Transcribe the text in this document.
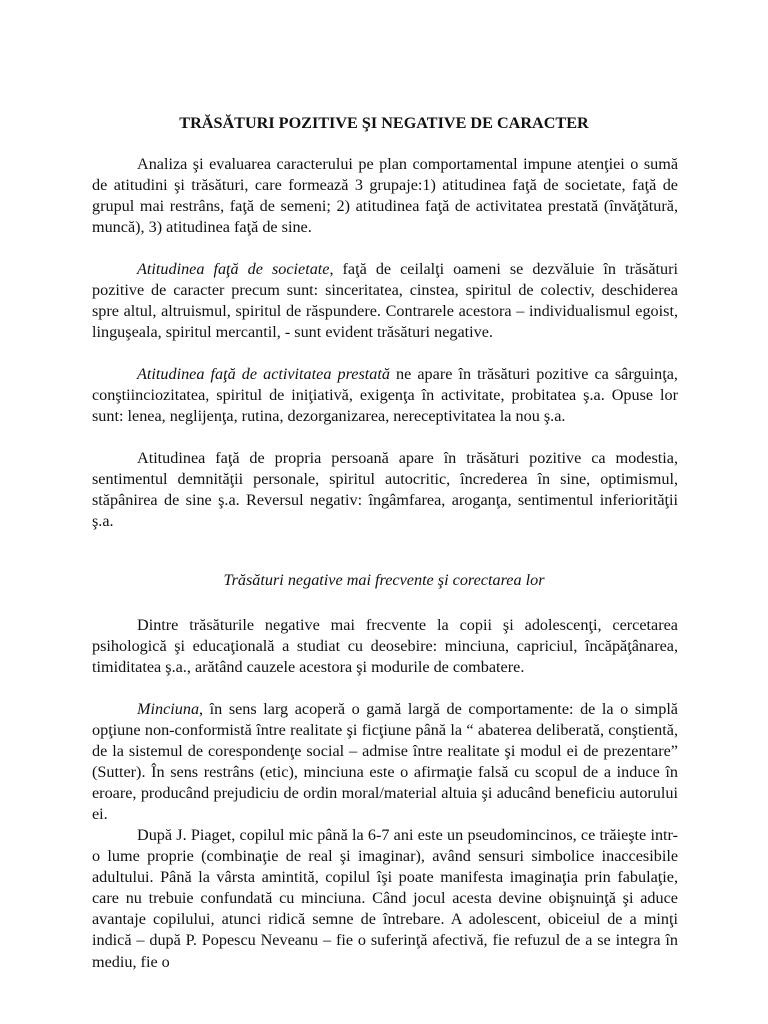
TRĂSĂTURI POZITIVE ŞI NEGATIVE DE CARACTER

Analiza şi evaluarea caracterului pe plan comportamental impune atenţiei o sumă de atitudini şi trăsături, care formează 3 grupaje:1) atitudinea faţă de societate, faţă de grupul mai restrâns, faţă de semeni; 2) atitudinea faţă de activitatea prestată (învăţătură, muncă), 3) atitudinea faţă de sine.

Atitudinea faţă de societate, faţă de ceilalţi oameni se dezvăluie în trăsături pozitive de caracter precum sunt: sinceritatea, cinstea, spiritul de colectiv, deschiderea spre altul, altruismul, spiritul de răspundere. Contrarele acestora – individualismul egoist, linguşeala, spiritul mercantil, - sunt evident trăsături negative.

Atitudinea faţă de activitatea prestată ne apare în trăsături pozitive ca sârguinţa, conştiinciozitatea, spiritul de iniţiativă, exigenţa în activitate, probitatea ş.a. Opuse lor sunt: lenea, neglijenţa, rutina, dezorganizarea, nereceptivitatea la nou ş.a.

Atitudinea faţă de propria persoană apare în trăsături pozitive ca modestia, sentimentul demnităţii personale, spiritul autocritic, încrederea în sine, optimismul, stăpânirea de sine ş.a. Reversul negativ: îngâmfarea, aroganţa, sentimentul inferiorităţii ş.a.

Trăsături negative mai frecvente şi corectarea lor

Dintre trăsăturile negative mai frecvente la copii şi adolescenţi, cercetarea psihologică şi educaţională a studiat cu deosebire: minciuna, capriciul, încăpăţânarea, timiditatea ş.a., arătând cauzele acestora şi modurile de combatere.

Minciuna, în sens larg acoperă o gamă largă de comportamente: de la o simplă opţiune non-conformistă între realitate şi ficţiune până la “ abaterea deliberată, conştientă, de la sistemul de corespondenţe social – admise între realitate şi modul ei de prezentare” (Sutter). În sens restrâns (etic), minciuna este o afirmaţie falsă cu scopul de a induce în eroare, producând prejudiciu de ordin moral/material altuia şi aducând beneficiu autorului ei.

După J. Piaget, copilul mic până la 6-7 ani este un pseudomincinos, ce trăieşte intr-o lume proprie (combinaţie de real şi imaginar), având sensuri simbolice inaccesibile adultului. Până la vârsta amintită, copilul îşi poate manifesta imaginaţia prin fabulaţie, care nu trebuie confundată cu minciuna. Când jocul acesta devine obişnuinţă şi aduce avantaje copilului, atunci ridică semne de întrebare. A adolescent, obiceiul de a minţi indică – după P. Popescu Neveanu – fie o suferinţă afectivă, fie refuzul de a se integra în mediu, fie o
